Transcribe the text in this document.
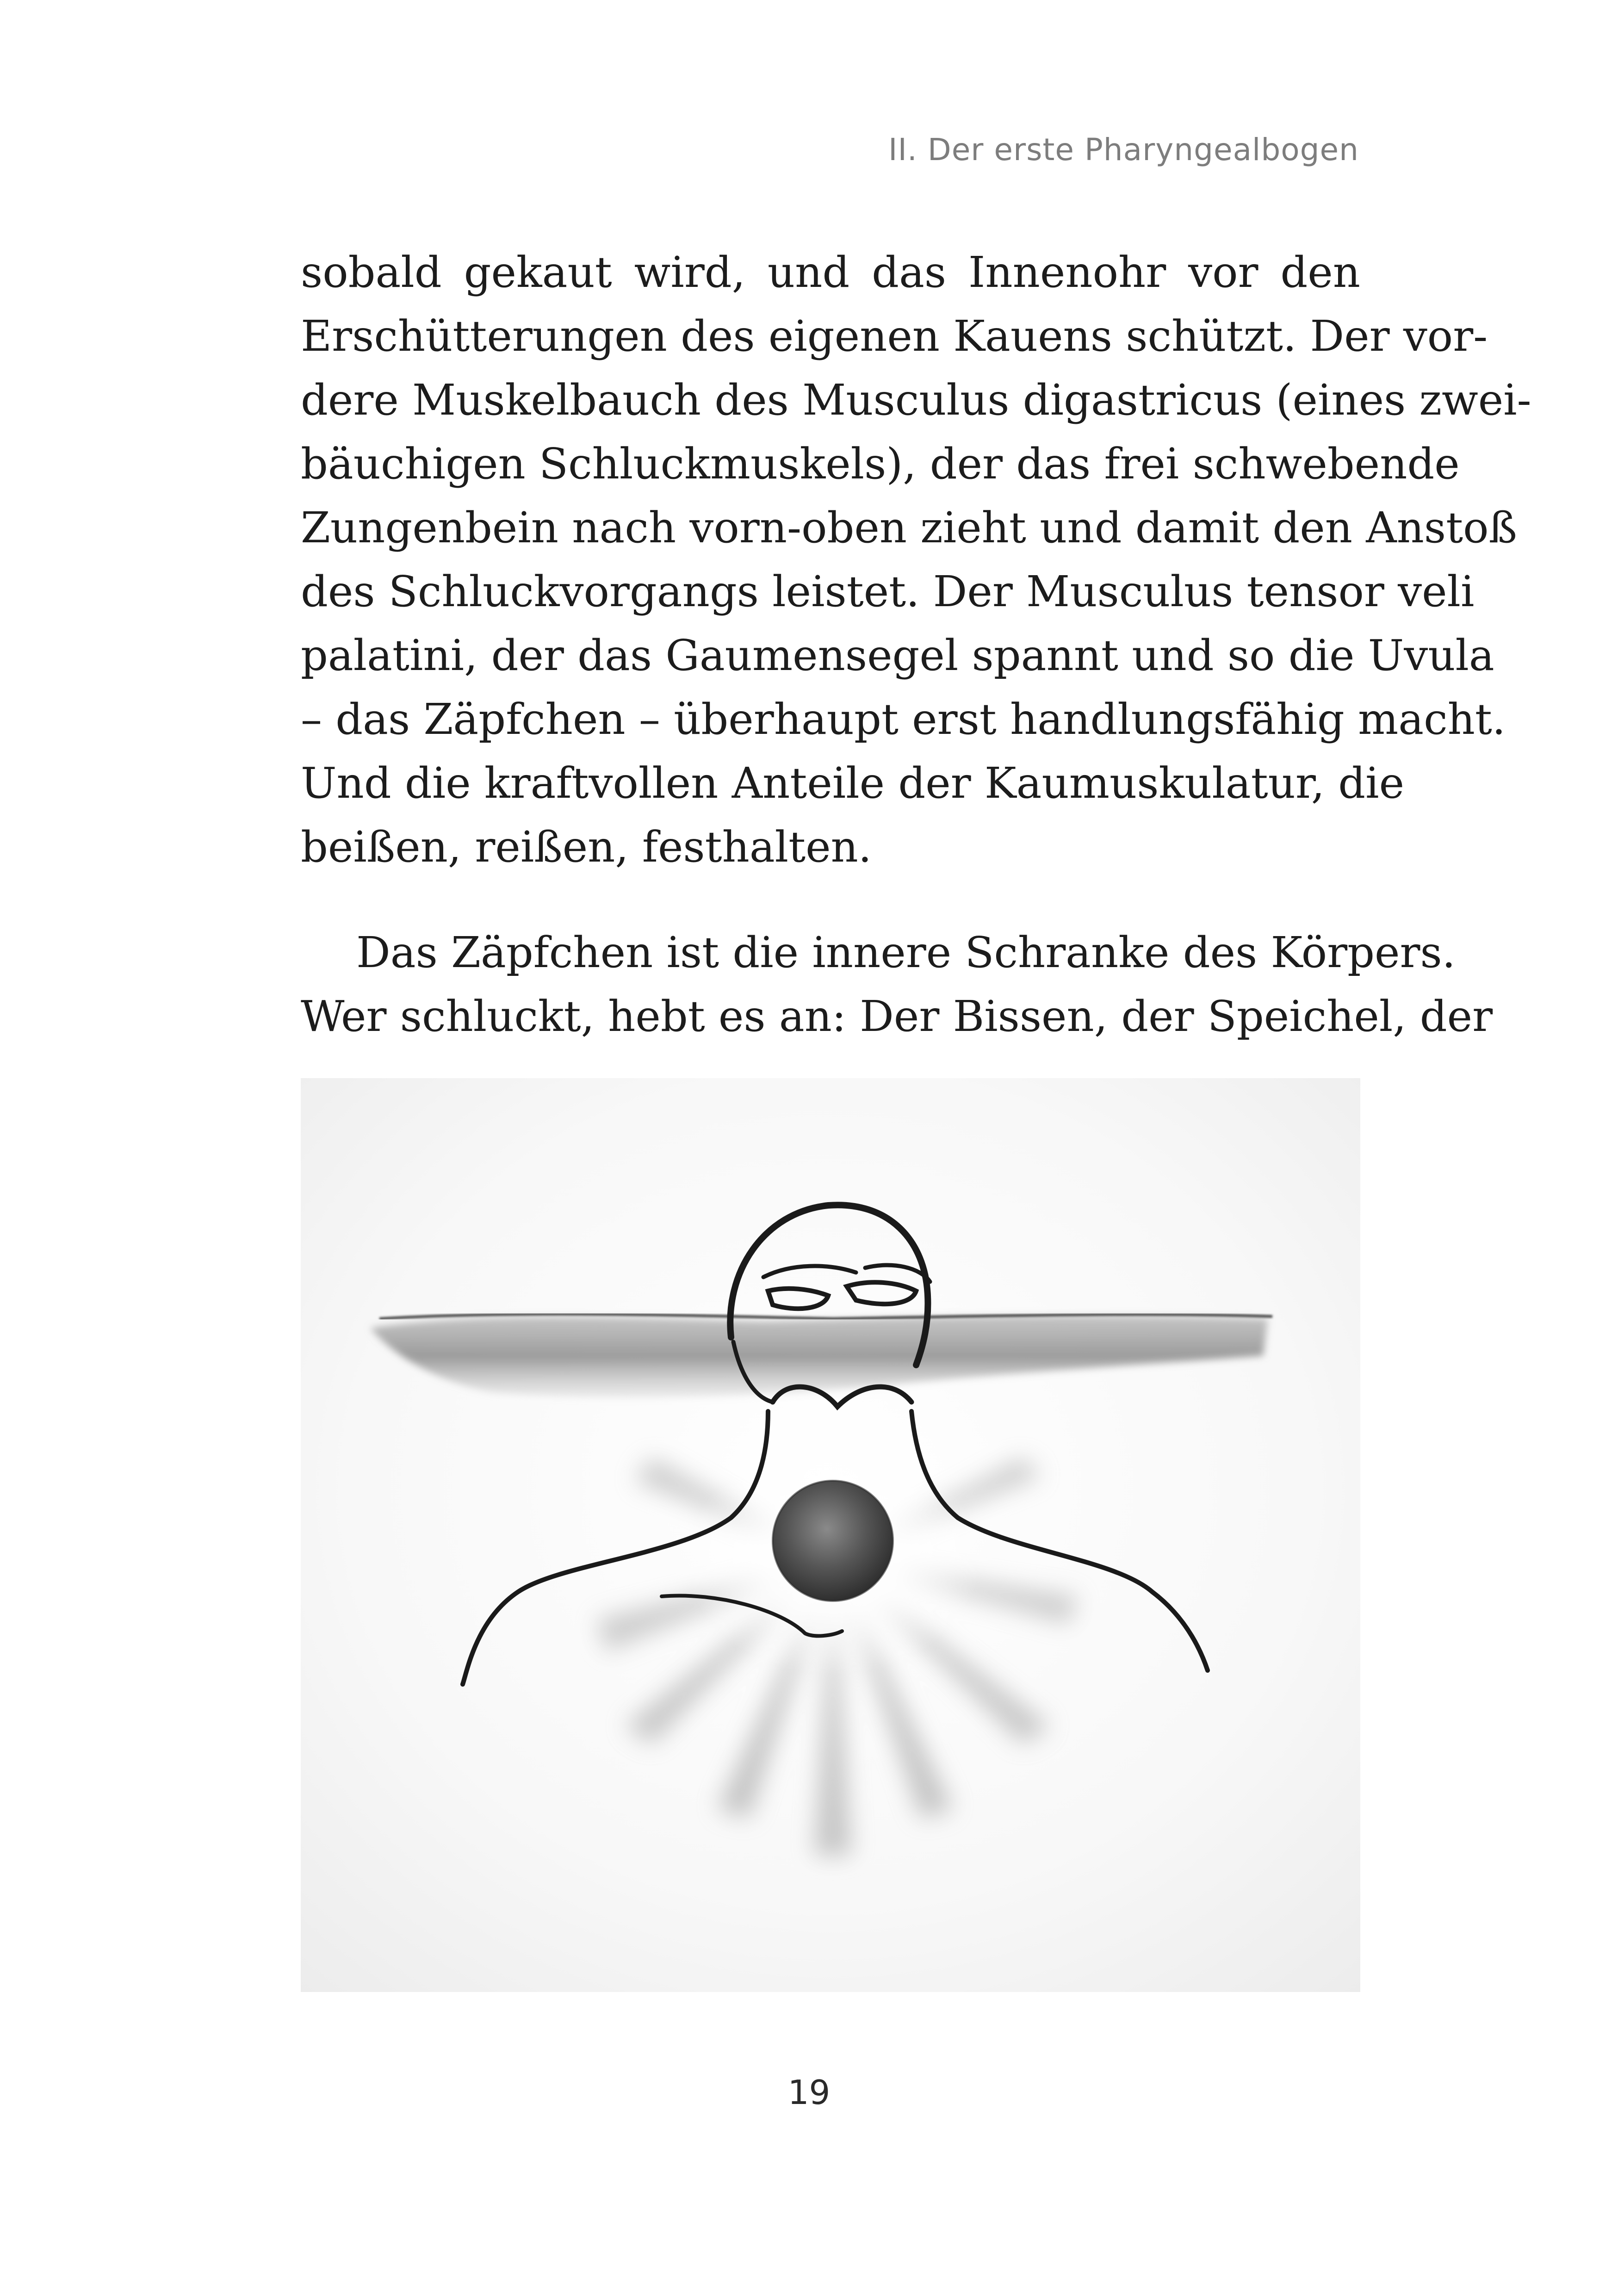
II. Der erste Pharyngealbogen
sobald gekaut wird, und das Innenohr vor den
Erschütterungen des eigenen Kauens schützt. Der vor-
dere Muskelbauch des Musculus digastricus (eines zwei-
bäuchigen Schluckmuskels), der das frei schwebende
Zungenbein nach vorn-oben zieht und damit den Anstoß
des Schluckvorgangs leistet. Der Musculus tensor veli
palatini, der das Gaumensegel spannt und so die Uvula
– das Zäpfchen – überhaupt erst handlungsfähig macht.
Und die kraftvollen Anteile der Kaumuskulatur, die
beißen, reißen, festhalten.
Das Zäpfchen ist die innere Schranke des Körpers.
Wer schluckt, hebt es an: Der Bissen, der Speichel, der
19
